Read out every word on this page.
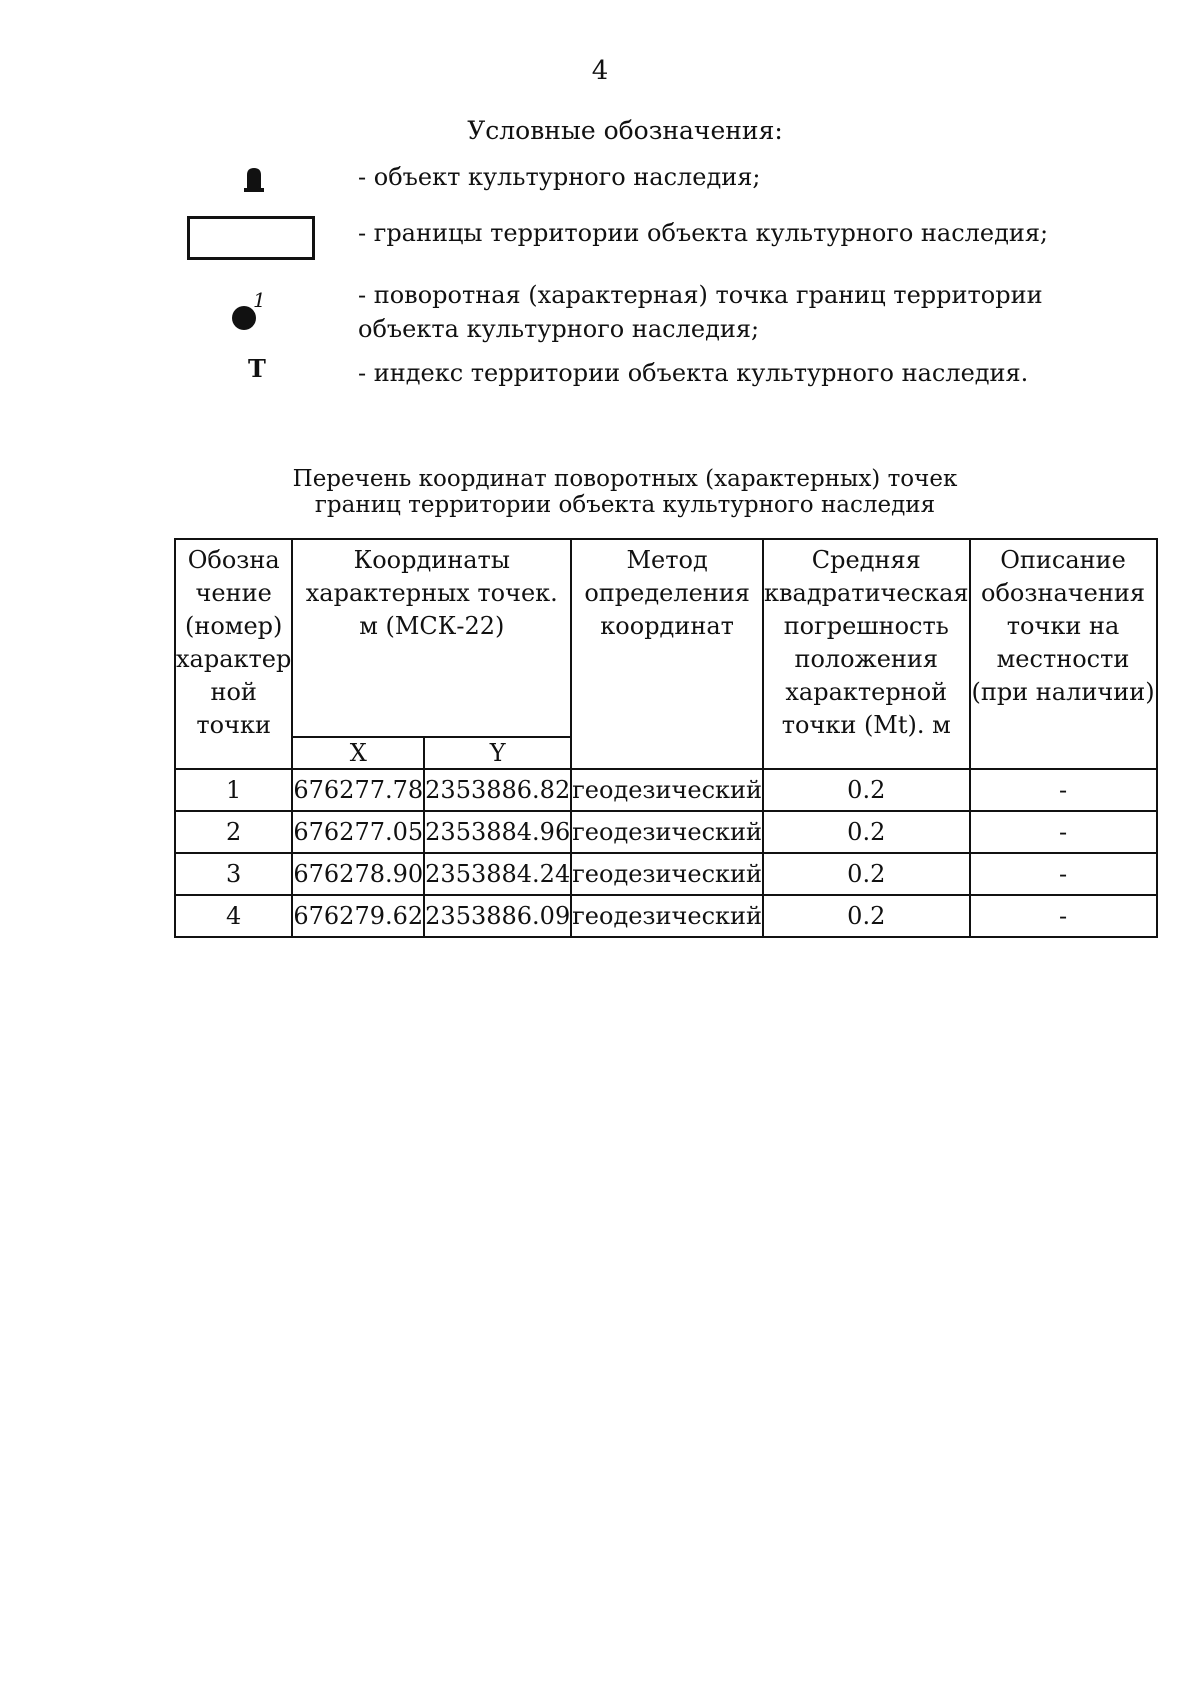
4
Условные обозначения:
- объект культурного наследия;
- границы территории объекта культурного наследия;
1	- поворотная (характерная) точка границ территории объекта культурного наследия;
Т	- индекс территории объекта культурного наследия.
Перечень координат поворотных (характерных) точек
границ территории объекта культурного наследия
Обозна чение (номер) характер ной точки	Координаты характерных точек. м (МСК-22)		Метод определения координат	Средняя квадратическая погрешность положения характерной точки (Mt). м	Описание обозначения точки на местности (при наличии)
	X	Y			
1	676277.78	2353886.82	геодезический	0.2	-
2	676277.05	2353884.96	геодезический	0.2	-
3	676278.90	2353884.24	геодезический	0.2	-
4	676279.62	2353886.09	геодезический	0.2	-
